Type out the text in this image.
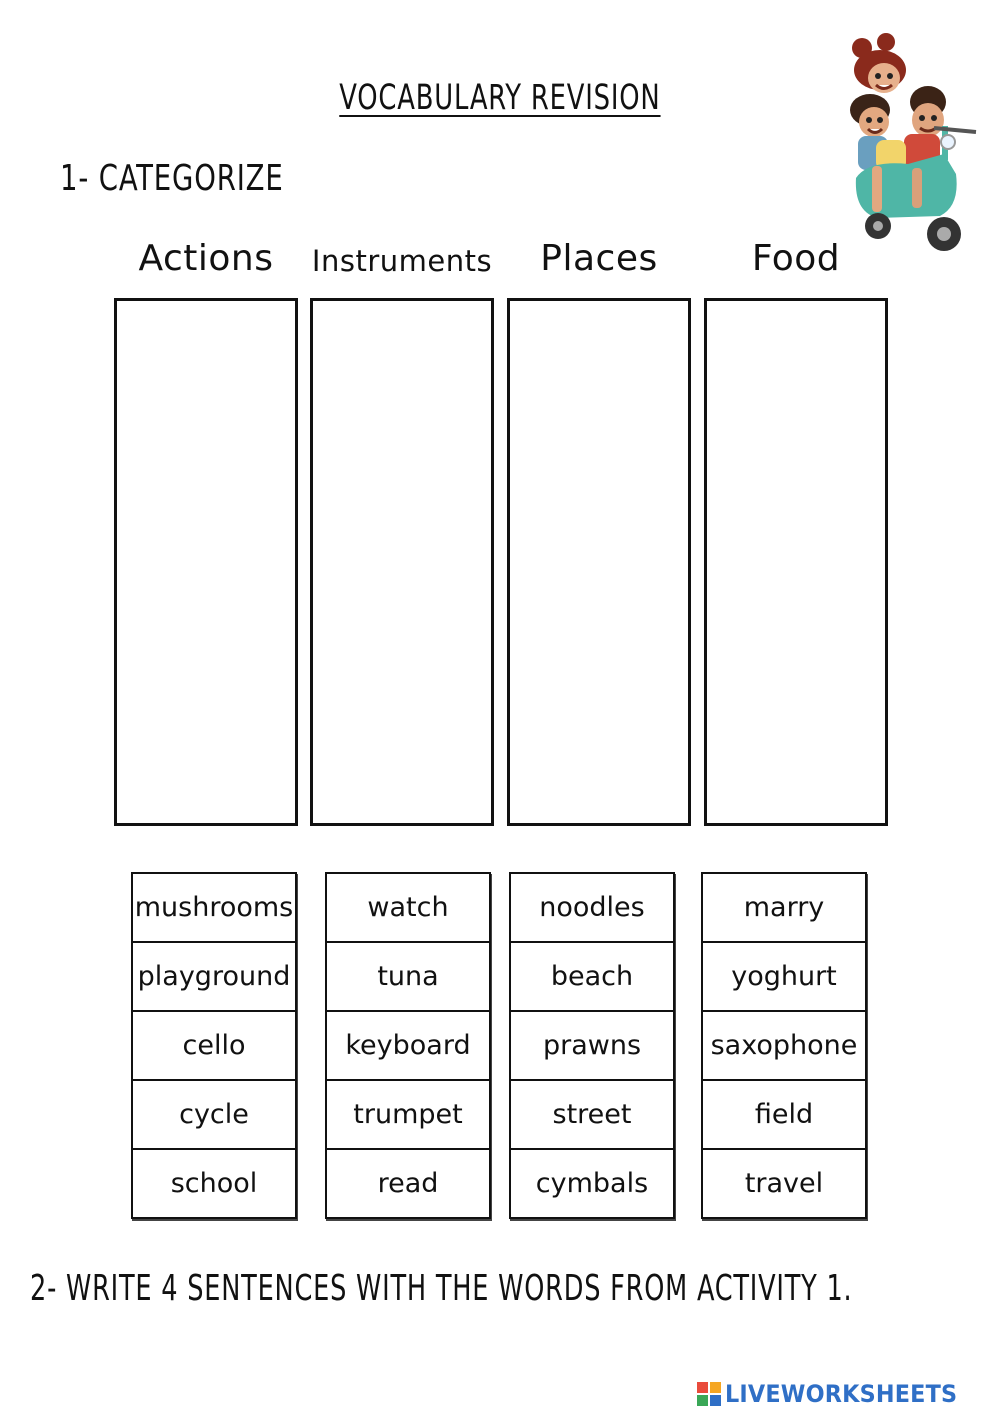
VOCABULARY REVISION
1- CATEGORIZE
Actions	Instruments	Places	Food
mushrooms
playground
cello
cycle
school
watch
tuna
keyboard
trumpet
read
noodles
beach
prawns
street
cymbals
marry
yoghurt
saxophone
field
travel
2- WRITE 4 SENTENCES WITH THE WORDS FROM ACTIVITY 1.
LIVEWORKSHEETS
